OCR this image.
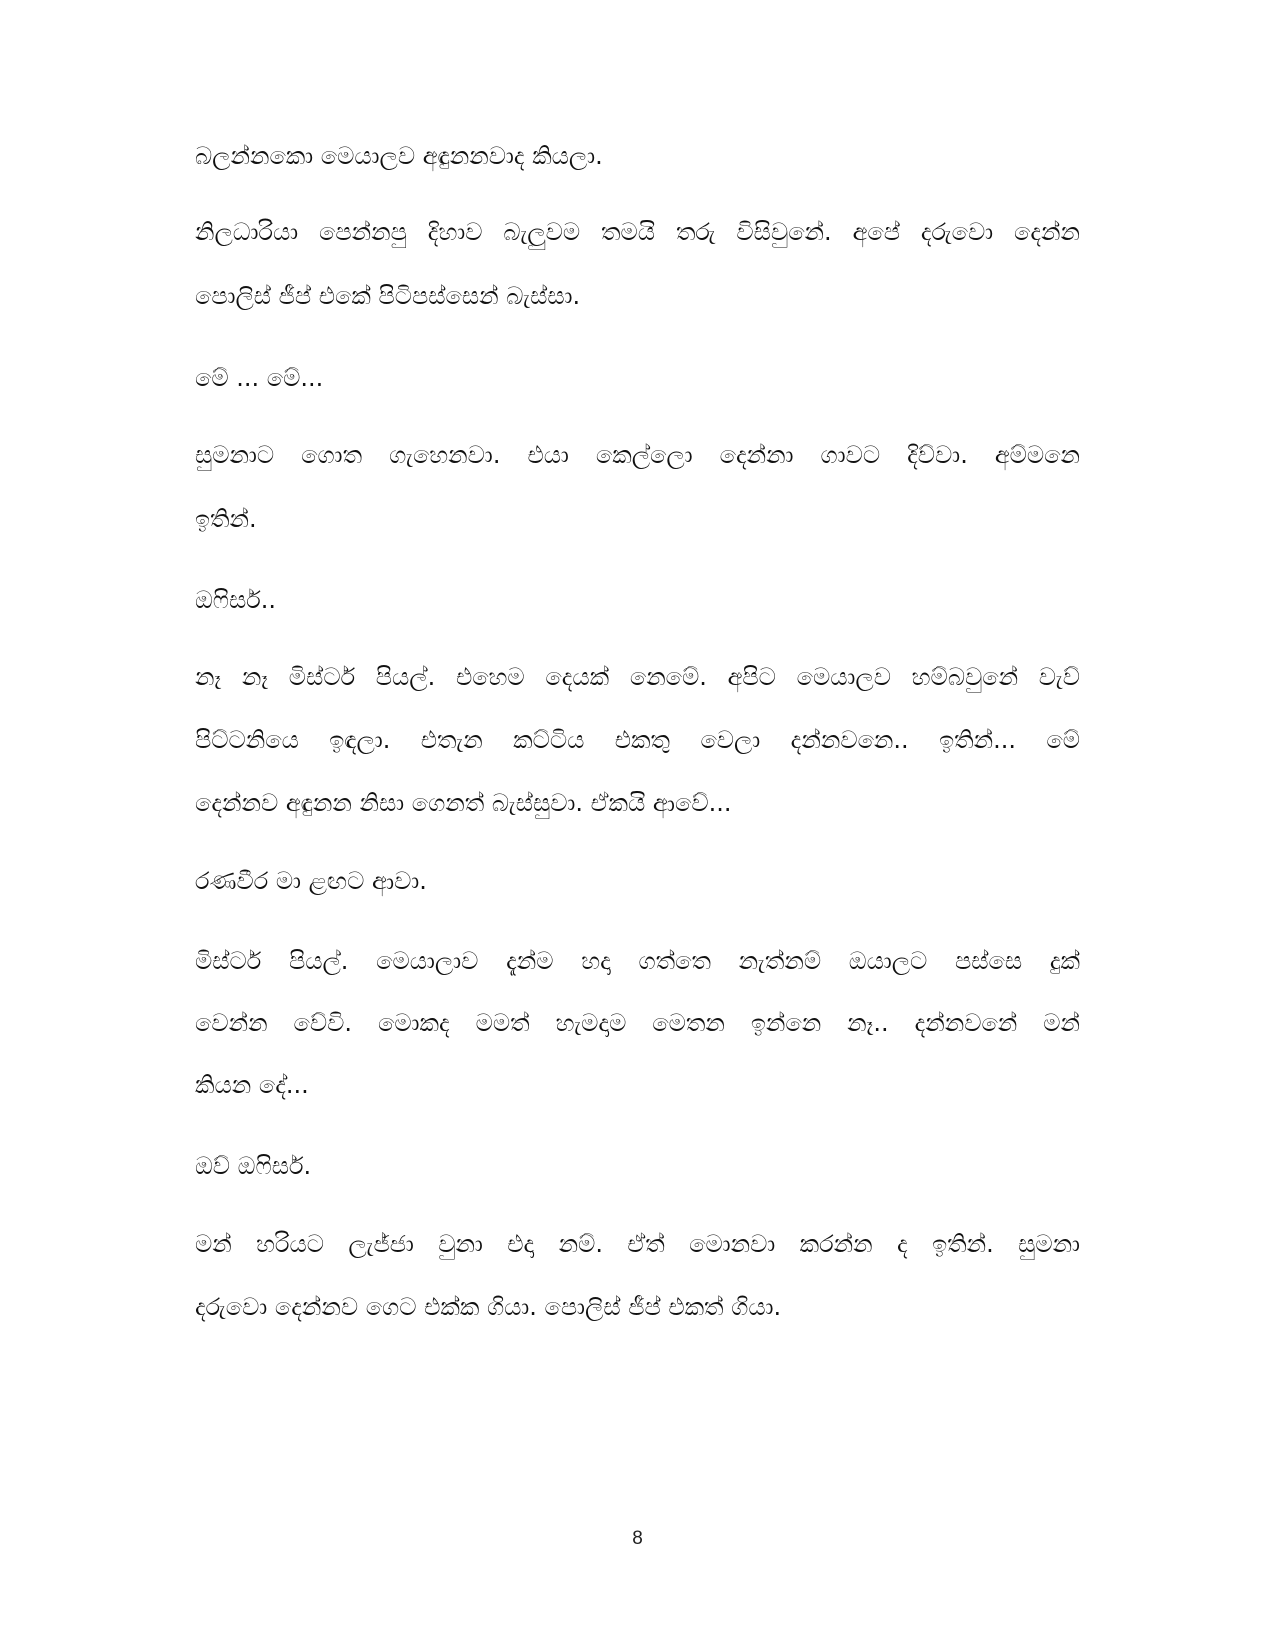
බලන්නකො මෙයාලව අඳුනනවාද කියලා.

නිලධාරියා පෙන්නපු දිහාව බැලුවම තමයි තරු විසිවුනේ. අපේ දරුවො දෙන්න

පොලිස් ජීප් එකේ පිටිපස්සෙන් බැස්සා.

මේ ... මේ...

සුමනාට ගොත ගැහෙනවා. එයා කෙල්ලො දෙන්නා ගාවට දිව්වා. අම්මනෙ

ඉතින්.

ඔෆිසර්..

නෑ නෑ මිස්ටර් පියල්. එහෙම දෙයක් නෙමේ. අපිට මෙයාලව හම්බවුනේ වැව්

පිට්ටනියෙ ඉඳලා. එතැන කට්ටිය එකතු වෙලා දන්නවනෙ.. ඉතින්... මේ

දෙන්නව අඳුනන නිසා ගෙනත් බැස්සුවා. ඒකයි ආවේ...

රණවීර මා ළඟට ආවා.

මිස්ටර් පියල්. මෙයාලාව දැන්ම හදා ගත්තෙ නැත්නම් ඔයාලට පස්සෙ දුක්

වෙන්න වේවි. මොකද මමත් හැමදාම මෙතන ඉන්නෙ නෑ.. දන්නවනේ මන්

කියන දේ...

ඔව් ඔෆිසර්.

මන් හරියට ලැජ්ජා වුනා එදා නම්. ඒත් මොනවා කරන්න ද ඉතින්. සුමනා

දරුවො දෙන්නව ගෙට එක්ක ගියා. පොලිස් ජීප් එකත් ගියා.

8
